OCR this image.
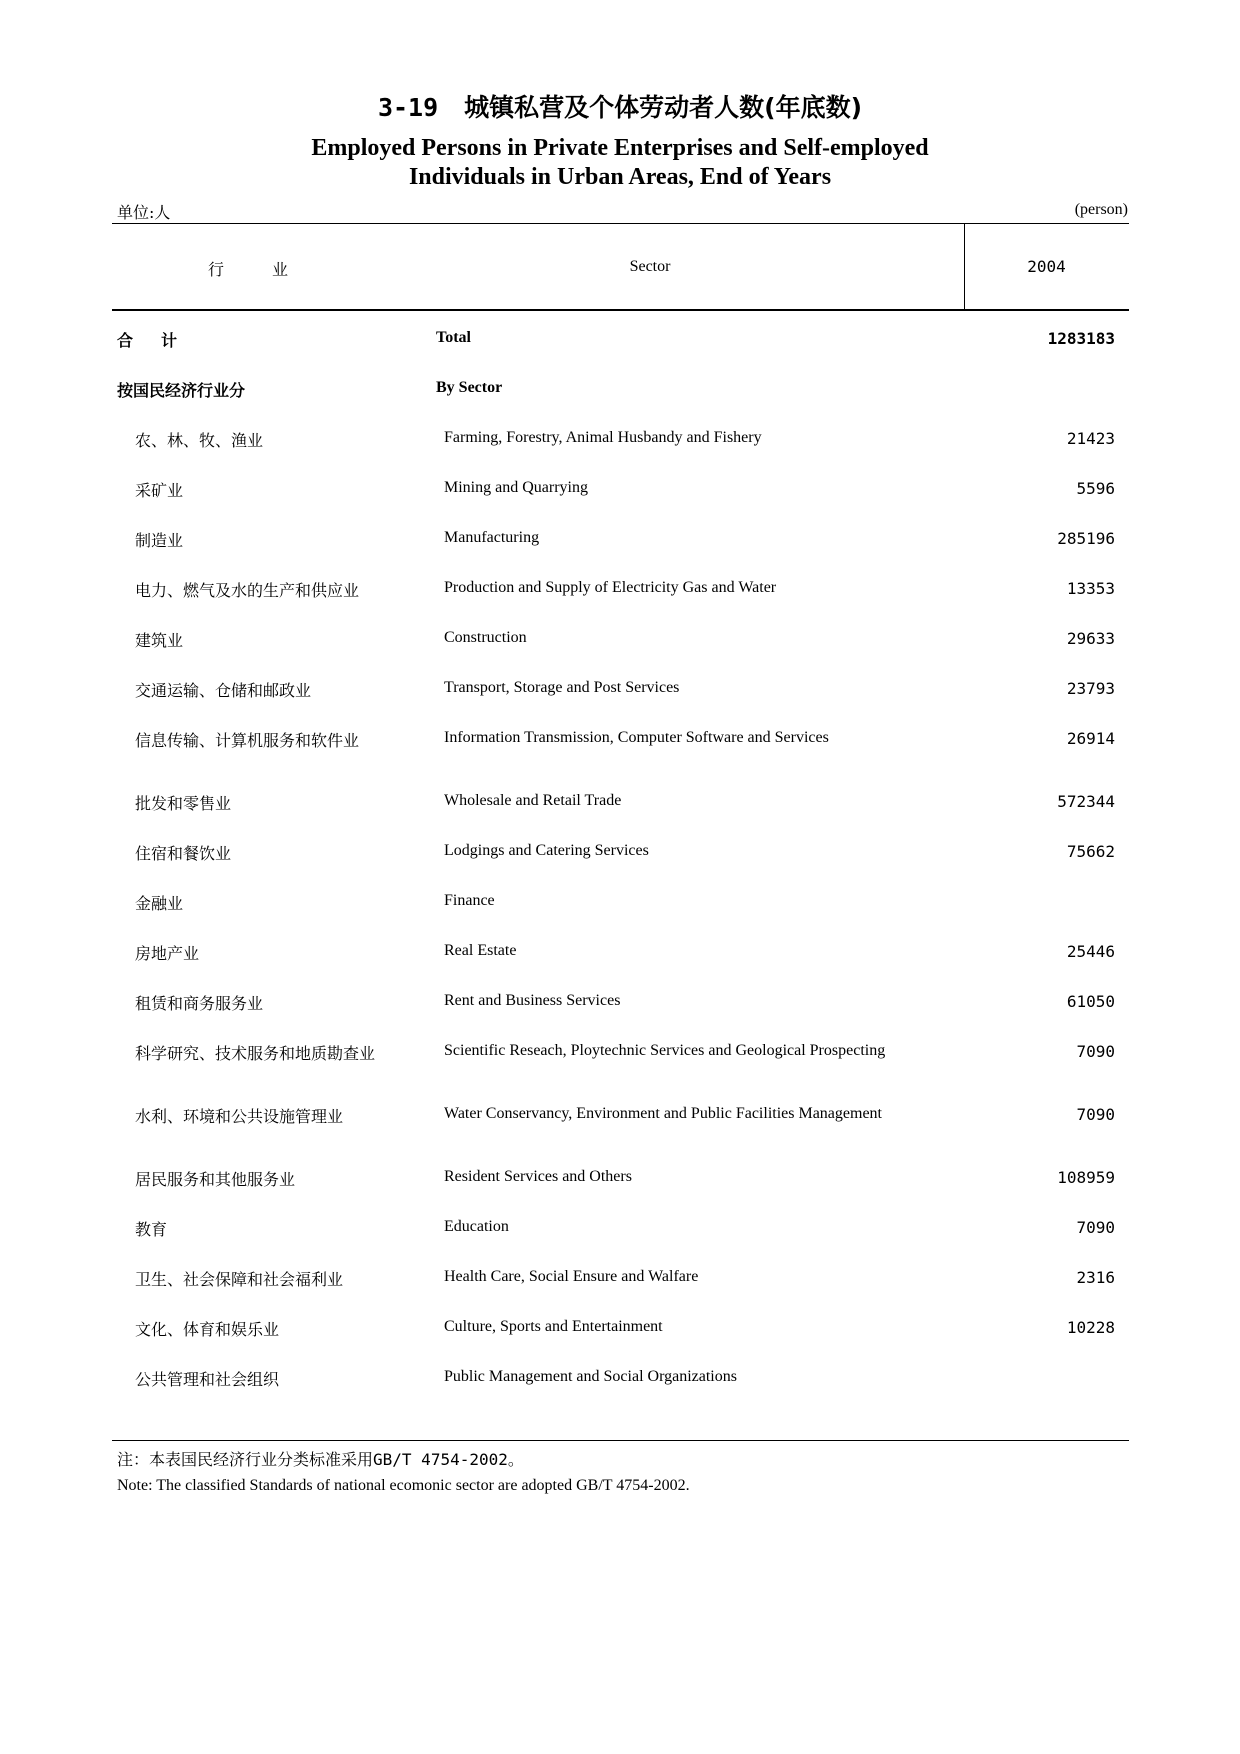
3-19 城镇私营及个体劳动者人数(年底数)
Employed Persons in Private Enterprises and Self-employed
Individuals in Urban Areas, End of Years
单位:人	(person)
行	业	Sector	2004
合 计	Total	1283183
按国民经济行业分	By Sector
农、林、牧、渔业	Farming, Forestry, Animal Husbandy and Fishery	21423
采矿业	Mining and Quarrying	5596
制造业	Manufacturing	285196
电力、燃气及水的生产和供应业	Production and Supply of Electricity Gas and Water	13353
建筑业	Construction	29633
交通运输、仓储和邮政业	Transport, Storage and Post Services	23793
信息传输、计算机服务和软件业	Information Transmission, Computer Software and Services	26914
批发和零售业	Wholesale and Retail Trade	572344
住宿和餐饮业	Lodgings and Catering Services	75662
金融业	Finance
房地产业	Real Estate	25446
租赁和商务服务业	Rent and Business Services	61050
科学研究、技术服务和地质勘查业	Scientific Reseach, Ploytechnic Services and Geological Prospecting	7090
水利、环境和公共设施管理业	Water Conservancy, Environment and Public Facilities Management	7090
居民服务和其他服务业	Resident Services and Others	108959
教育	Education	7090
卫生、社会保障和社会福利业	Health Care, Social Ensure and Walfare	2316
文化、体育和娱乐业	Culture, Sports and Entertainment	10228
公共管理和社会组织	Public Management and Social Organizations
注：本表国民经济行业分类标准采用GB/T 4754-2002。
Note: The classified Standards of national ecomonic sector are adopted GB/T 4754-2002.
